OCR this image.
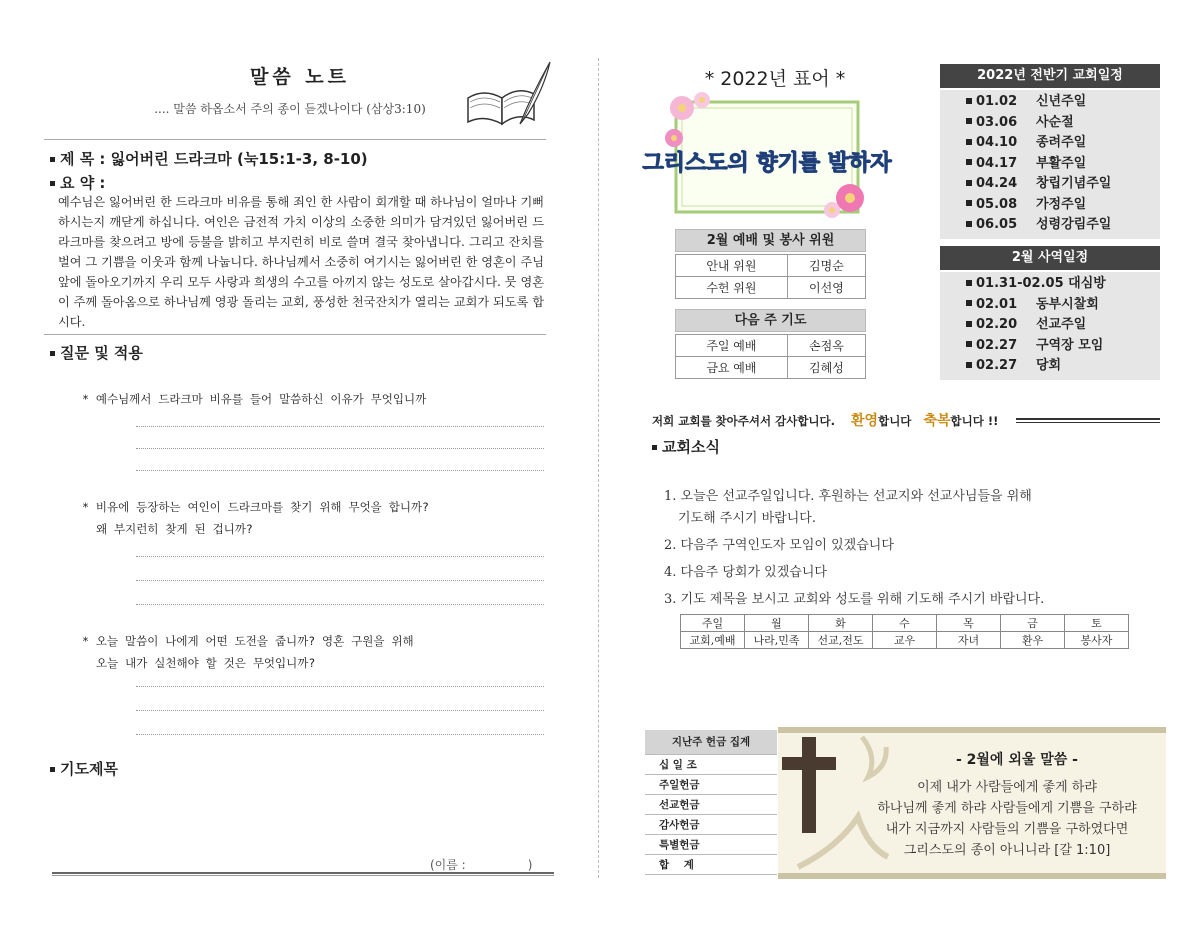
말씀 노트
.... 말씀 하옵소서 주의 종이 듣겠나이다 (삼상3:10)
제 목 : 잃어버린 드라크마 (눅15:1-3, 8-10)
요 약 :
예수님은 잃어버린 한 드라크마 비유를 통해 죄인 한 사람이 회개할 때 하나님이 얼마나 기뻐하시는지 깨닫게 하십니다. 여인은 금전적 가치 이상의 소중한 의미가 담겨있던 잃어버린 드라크마를 찾으려고 방에 등불을 밝히고 부지런히 비로 쓸며 결국 찾아냅니다. 그리고 잔치를 벌여 그 기쁨을 이웃과 함께 나눕니다. 하나님께서 소중히 여기시는 잃어버린 한 영혼이 주님 앞에 돌아오기까지 우리 모두 사랑과 희생의 수고를 아끼지 않는 성도로 살아갑시다. 뭇 영혼이 주께 돌아옴으로 하나님께 영광 돌리는 교회, 풍성한 천국잔치가 열리는 교회가 되도록 합시다.
질문 및 적용
* 예수님께서 드라크마 비유를 들어 말씀하신 이유가 무엇입니까
* 비유에 등장하는 여인이 드라크마를 찾기 위해 무엇을 합니까?
왜 부지런히 찾게 된 겁니까?
* 오늘 말씀이 나에게 어떤 도전을 줍니까? 영혼 구원을 위해
오늘 내가 실천해야 할 것은 무엇입니까?
기도제목
(이름 :	)
* 2022년 표어 *
그리스도의 향기를 발하자
2월 예배 및 봉사 위원
안내 위원	김명순
수헌 위원	이선영
다음 주 기도
주일 예배	손점옥
금요 예배	김혜성
2022년 전반기 교회일정
01.02 신년주일
03.06 사순절
04.10 종려주일
04.17 부활주일
04.24 창립기념주일
05.08 가정주일
06.05 성령강림주일
2월 사역일정
01.31-02.05 대심방
02.01 동부시찰회
02.20 선교주일
02.27 구역장 모임
02.27 당회
저희 교회를 찾아주셔서 감사합니다. 환영합니다 축복합니다 !!
교회소식
1. 오늘은 선교주일입니다. 후원하는 선교지와 선교사님들을 위해
기도해 주시기 바랍니다.
2. 다음주 구역인도자 모임이 있겠습니다
4. 다음주 당회가 있겠습니다
3. 기도 제목을 보시고 교회와 성도를 위해 기도해 주시기 바랍니다.
주일	월	화	수	목	금	토
교회,예배	나라,민족	선교,전도	교우	자녀	환우	봉사자
지난주 헌금 집계
십 일 조
주일헌금
선교헌금
감사헌금
특별헌금
합    계
- 2월에 외울 말씀 -
이제 내가 사람들에게 좋게 하랴
하나님께 좋게 하랴 사람들에게 기쁨을 구하랴
내가 지금까지 사람들의 기쁨을 구하였다면
그리스도의 종이 아니니라 [갈 1:10]
